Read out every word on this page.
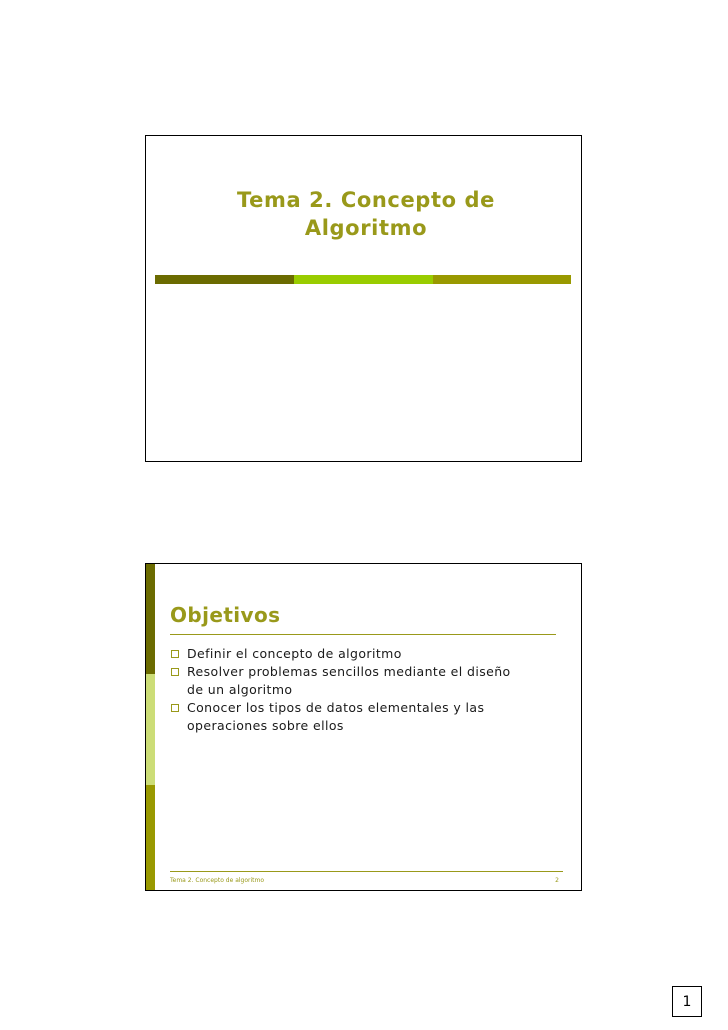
Tema 2. Concepto de
Algoritmo
Objetivos
Definir el concepto de algoritmo
Resolver problemas sencillos mediante el diseño
de un algoritmo
Conocer los tipos de datos elementales y las
operaciones sobre ellos
Tema 2. Concepto de algoritmo	2
1
